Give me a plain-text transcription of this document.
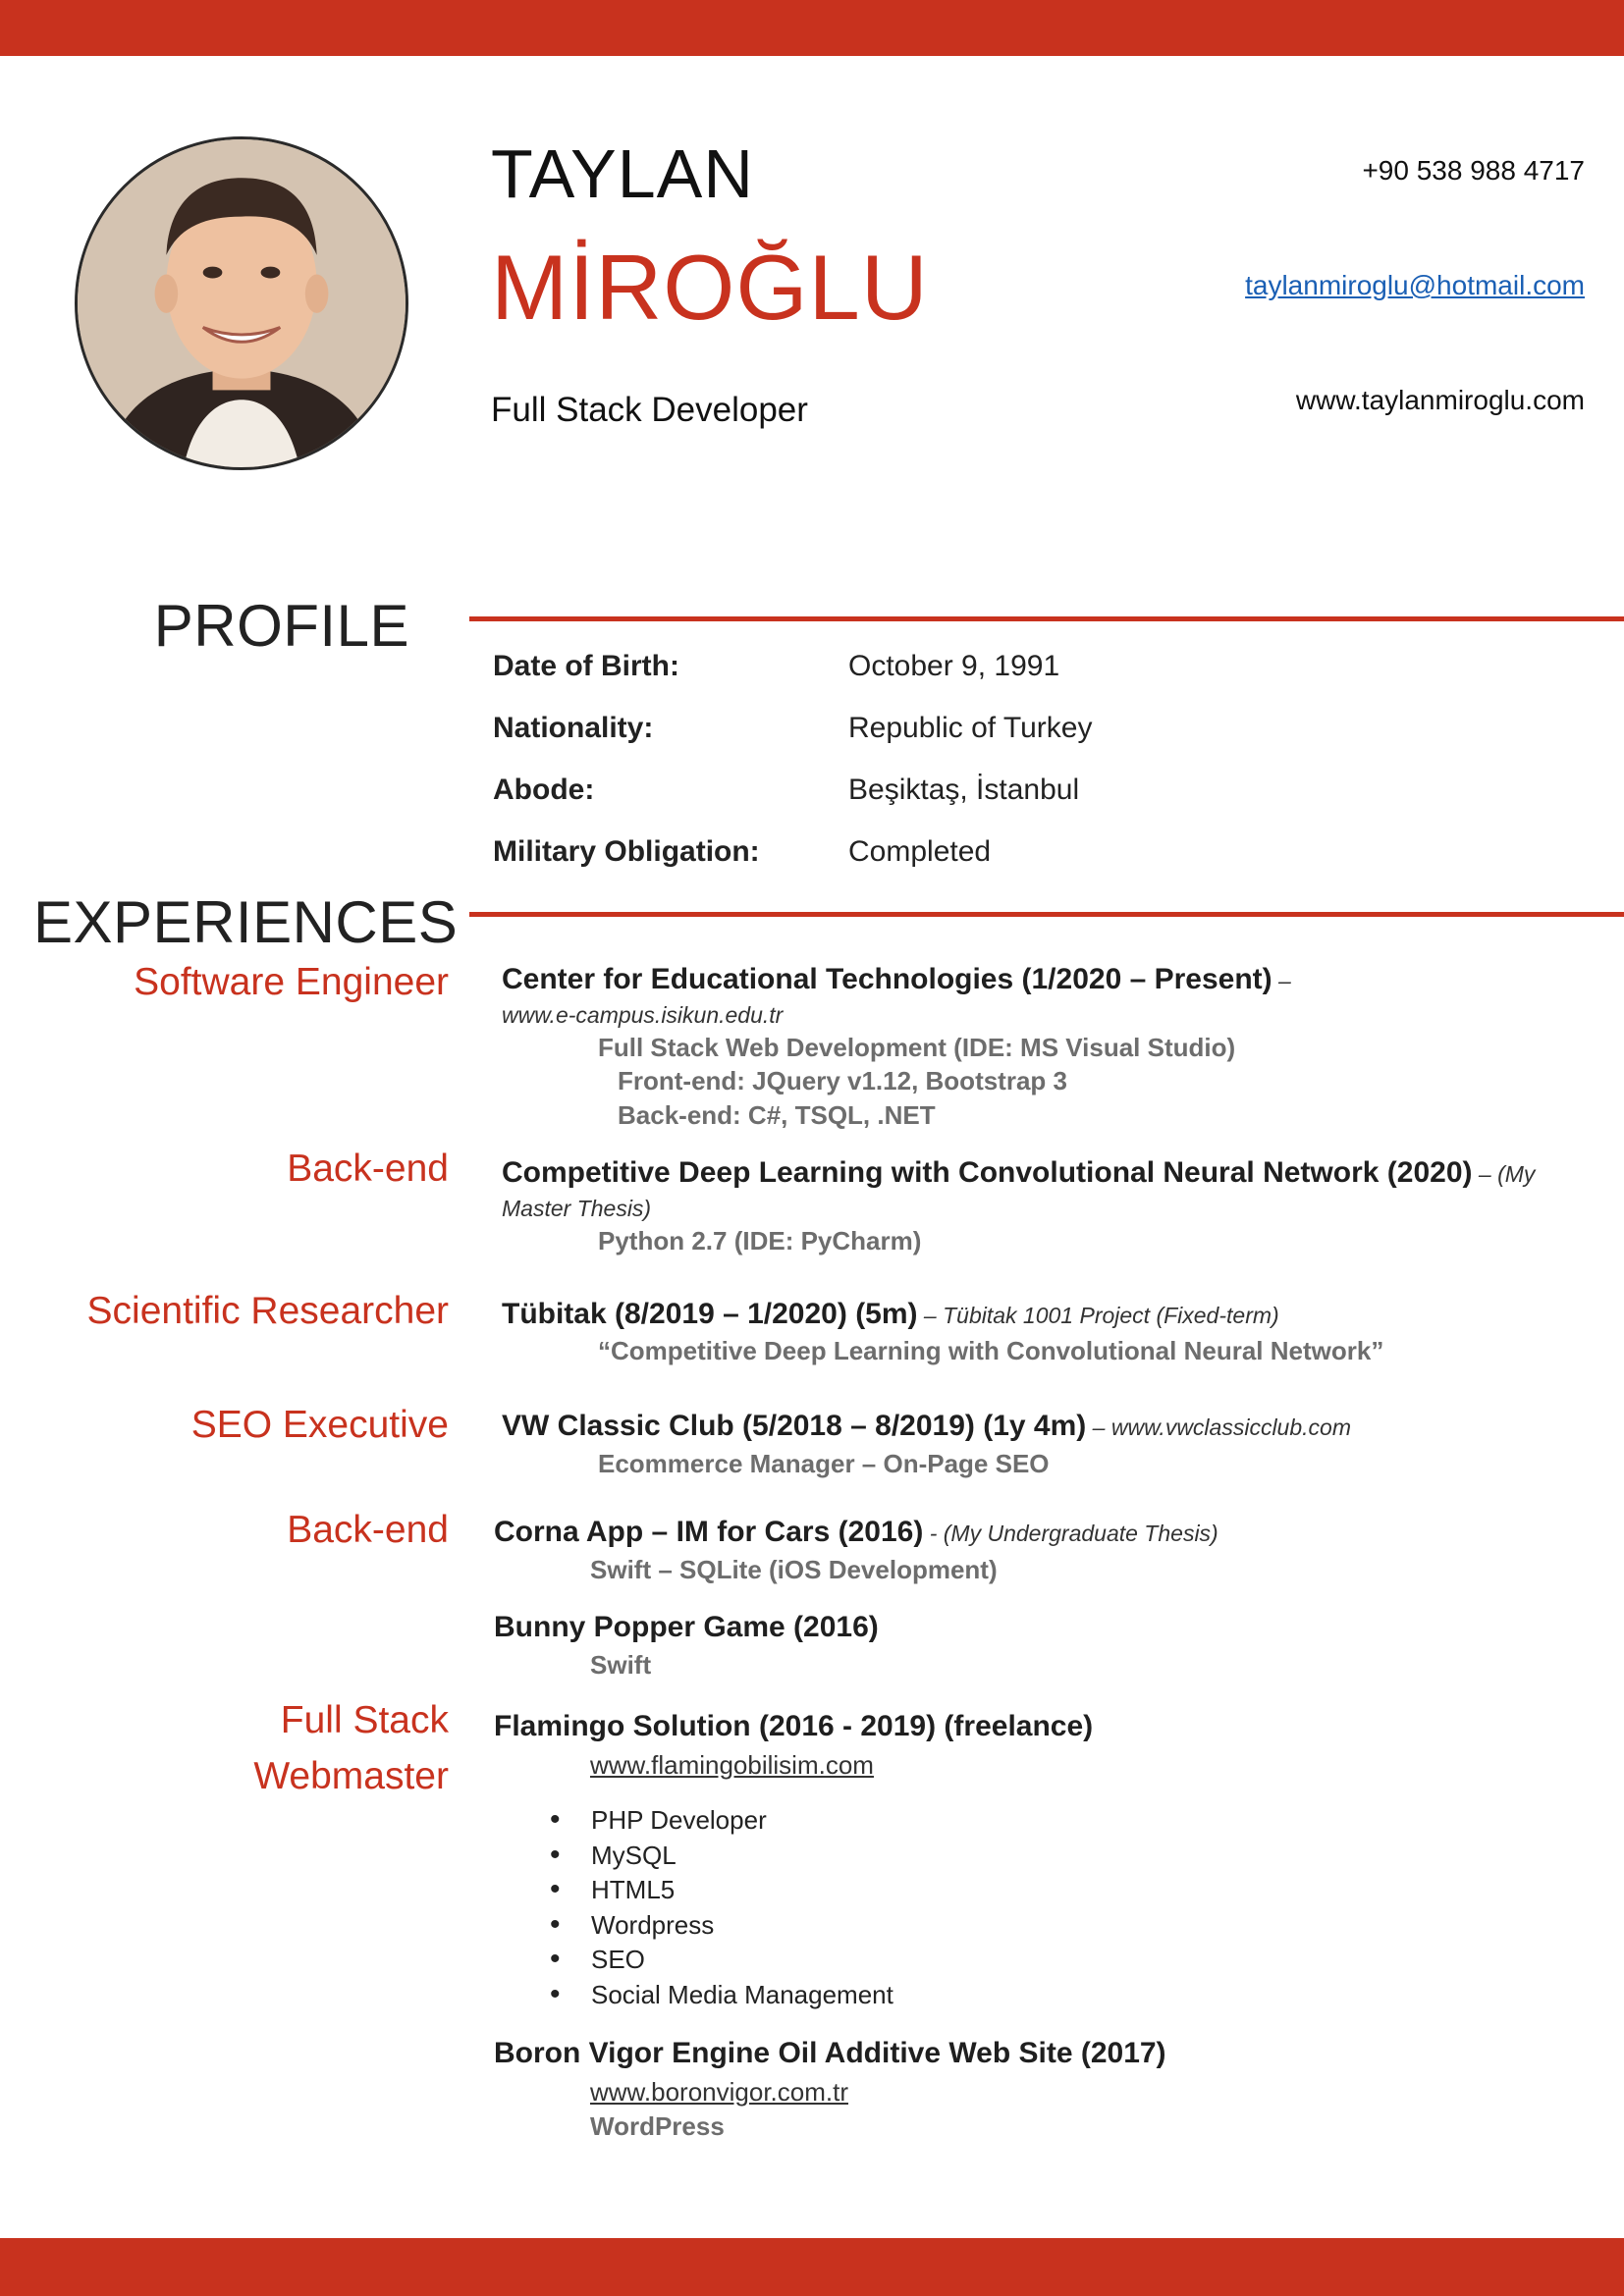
TAYLAN
MİROĞLU
Full Stack Developer
+90 538 988 4717
taylanmiroglu@hotmail.com
www.taylanmiroglu.com
PROFILE
Date of Birth:	October 9, 1991
Nationality:	Republic of Turkey
Abode:	Beşiktaş, İstanbul
Military Obligation:	Completed
EXPERIENCES
Software Engineer Center for Educational Technologies (1/2020 – Present) –
www.e-campus.isikun.edu.tr
Full Stack Web Development (IDE: MS Visual Studio)
Front-end: JQuery v1.12, Bootstrap 3
Back-end: C#, TSQL, .NET
Back-end Competitive Deep Learning with Convolutional Neural Network (2020) – (My
Master Thesis)
Python 2.7 (IDE: PyCharm)
Scientific Researcher Tübitak (8/2019 – 1/2020) (5m) – Tübitak 1001 Project (Fixed-term)
“Competitive Deep Learning with Convolutional Neural Network”
SEO Executive VW Classic Club (5/2018 – 8/2019) (1y 4m) – www.vwclassicclub.com
Ecommerce Manager – On-Page SEO
Back-end Corna App – IM for Cars (2016) - (My Undergraduate Thesis)
Swift – SQLite (iOS Development)
Bunny Popper Game (2016)
Swift
Full Stack
Webmaster
Flamingo Solution (2016 - 2019) (freelance)
www.flamingobilisim.com
• PHP Developer
• MySQL
• HTML5
• Wordpress
• SEO
• Social Media Management
Boron Vigor Engine Oil Additive Web Site (2017)
www.boronvigor.com.tr
WordPress
